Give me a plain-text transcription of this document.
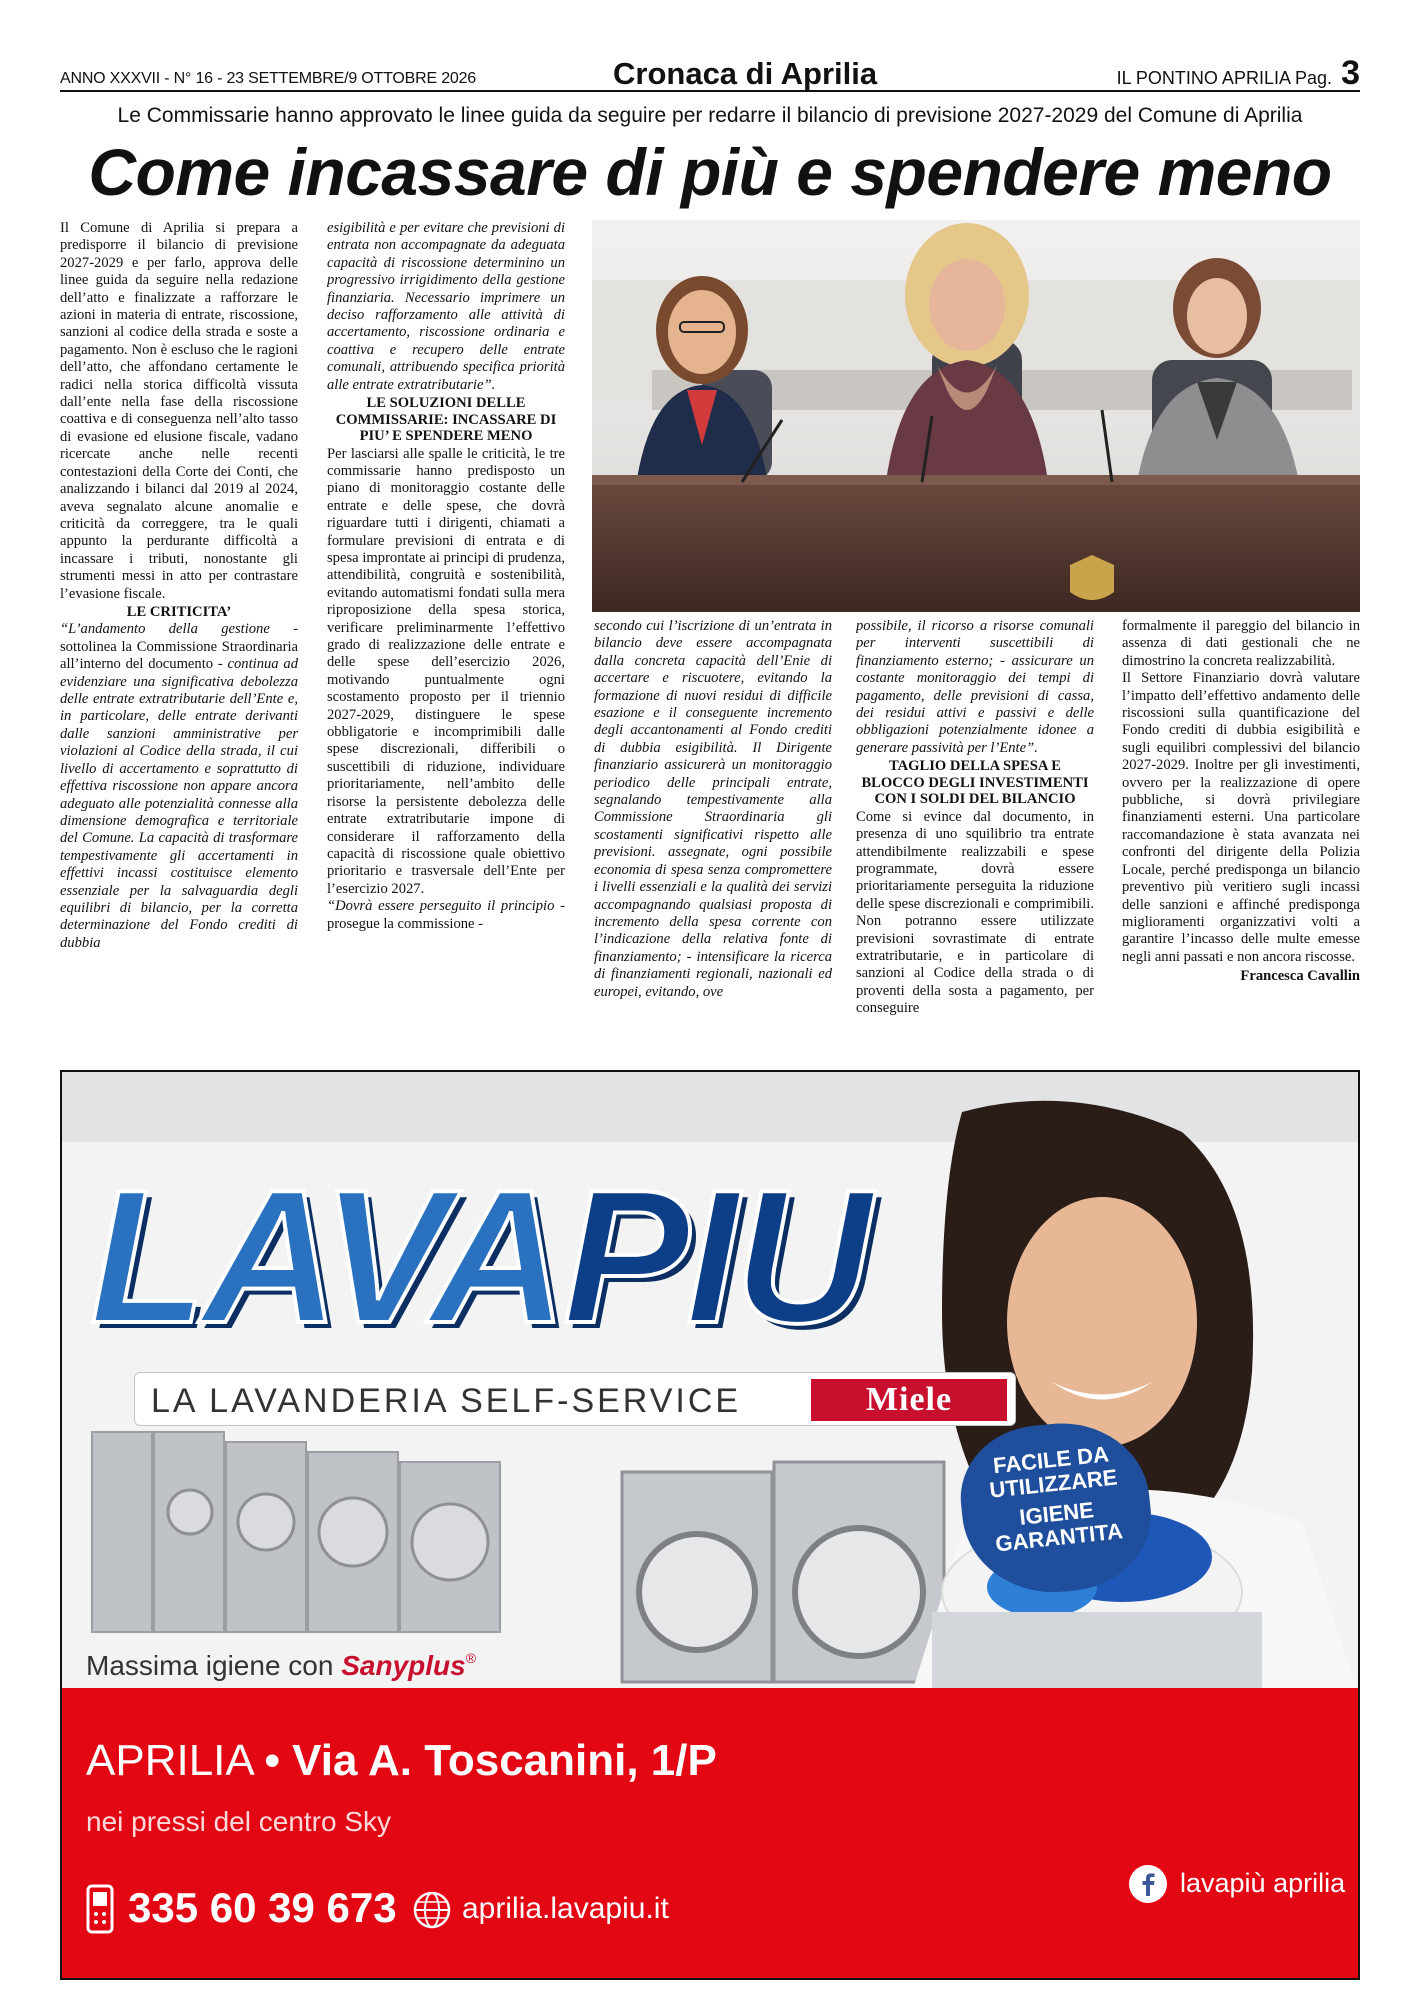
ANNO XXXVII - N° 16 - 23 SETTEMBRE/9 OTTOBRE 2026	Cronaca di Aprilia	IL PONTINO APRILIA Pag. 3
Le Commissarie hanno approvato le linee guida da seguire per redarre il bilancio di previsione 2027-2029 del Comune di Aprilia
Come incassare di più e spendere meno

Il Comune di Aprilia si prepara a predisporre il bilancio di previsione 2027-2029 e per farlo, approva delle linee guida da seguire nella redazione dell’atto e finalizzate a rafforzare le azioni in materia di entrate, riscossione, sanzioni al codice della strada e soste a pagamento. Non è escluso che le ragioni dell’atto, che affondano certamente le radici nella storica difficoltà vissuta dall’ente nella fase della riscossione coattiva e di conseguenza nell’alto tasso di evasione ed elusione fiscale, vadano ricercate anche nelle recenti contestazioni della Corte dei Conti, che analizzando i bilanci dal 2019 al 2024, aveva segnalato alcune anomalie e criticità da correggere, tra le quali appunto la perdurante difficoltà a incassare i tributi, nonostante gli strumenti messi in atto per contrastare l’evasione fiscale.

LE CRITICITA’

“L’andamento della gestione - sottolinea la Commissione Straordinaria all’interno del documento - continua ad evidenziare una significativa debolezza delle entrate extratributarie dell’Ente e, in particolare, delle entrate derivanti dalle sanzioni amministrative per violazioni al Codice della strada, il cui livello di accertamento e soprattutto di effettiva riscossione non appare ancora adeguato alle potenzialità connesse alla dimensione demografica e territoriale del Comune. La capacità di trasformare tempestivamente gli accertamenti in effettivi incassi costituisce elemento essenziale per la salvaguardia degli equilibri di bilancio, per la corretta determinazione del Fondo crediti di dubbia

esigibilità e per evitare che previsioni di entrata non accompagnate da adeguata capacità di riscossione determinino un progressivo irrigidimento della gestione finanziaria. Necessario imprimere un deciso rafforzamento alle attività di accertamento, riscossione ordinaria e coattiva e recupero delle entrate comunali, attribuendo specifica priorità alle entrate extratributarie”.

LE SOLUZIONI DELLE COMMISSARIE: INCASSARE DI PIU’ E SPENDERE MENO

Per lasciarsi alle spalle le criticità, le tre commissarie hanno predisposto un piano di monitoraggio costante delle entrate e delle spese, che dovrà riguardare tutti i dirigenti, chiamati a formulare previsioni di entrata e di spesa improntate ai principi di prudenza, attendibilità, congruità e sostenibilità, evitando automatismi fondati sulla mera riproposizione della spesa storica, verificare preliminarmente l’effettivo grado di realizzazione delle entrate e delle spese dell’esercizio 2026, motivando puntualmente ogni scostamento proposto per il triennio 2027-2029, distinguere le spese obbligatorie e incomprimibili dalle spese discrezionali, differibili o suscettibili di riduzione, individuare prioritariamente, nell’ambito delle risorse la persistente debolezza delle entrate extratributarie impone di considerare il rafforzamento della capacità di riscossione quale obiettivo prioritario e trasversale dell’Ente per l’esercizio 2027.

“Dovrà essere perseguito il principio - prosegue la commissione -

secondo cui l’iscrizione di un’entrata in bilancio deve essere accompagnata dalla concreta capacità dell’Enie di accertare e riscuotere, evitando la formazione di nuovi residui di difficile esazione e il conseguente incremento degli accantonamenti al Fondo crediti di dubbia esigibilità. Il Dirigente finanziario assicurerà un monitoraggio periodico delle principali entrate, segnalando tempestivamente alla Commissione Straordinaria gli scostamenti significativi rispetto alle previsioni. assegnate, ogni possibile economia di spesa senza compromettere i livelli essenziali e la qualità dei servizi accompagnando qualsiasi proposta di incremento della spesa corrente con l’indicazione della relativa fonte di finanziamento; - intensificare la ricerca di finanziamenti regionali, nazionali ed europei, evitando, ove

possibile, il ricorso a risorse comunali per interventi suscettibili di finanziamento esterno; - assicurare un costante monitoraggio dei tempi di pagamento, delle previsioni di cassa, dei residui attivi e passivi e delle obbligazioni potenzialmente idonee a generare passività per l’Ente”.

TAGLIO DELLA SPESA E BLOCCO DEGLI INVESTIMENTI CON I SOLDI DEL BILANCIO

Come si evince dal documento, in presenza di uno squilibrio tra entrate attendibilmente realizzabili e spese programmate, dovrà essere prioritariamente perseguita la riduzione delle spese discrezionali e comprimibili. Non potranno essere utilizzate previsioni sovrastimate di entrate extratributarie, e in particolare di sanzioni al Codice della strada o di proventi della sosta a pagamento, per conseguire

formalmente il pareggio del bilancio in assenza di dati gestionali che ne dimostrino la concreta realizzabilità.

Il Settore Finanziario dovrà valutare l’impatto dell’effettivo andamento delle riscossioni sulla quantificazione del Fondo crediti di dubbia esigibilità e sugli equilibri complessivi del bilancio 2027-2029. Inoltre per gli investimenti, ovvero per la realizzazione di opere pubbliche, si dovrà privilegiare finanziamenti esterni. Una particolare raccomandazione è stata avanzata nei confronti del dirigente della Polizia Locale, perché predisponga un bilancio preventivo più veritiero sugli incassi delle sanzioni e affinché predisponga miglioramenti organizzativi volti a garantire l’incasso delle multe emesse negli anni passati e non ancora riscosse.

Francesca Cavallin

LAVAPIU
LA LAVANDERIA SELF-SERVICE	Miele
FACILE DA UTILIZZARE
IGIENE GARANTITA
Massima igiene con Sanyplus®
APRILIA • Via A. Toscanini, 1/P
nei pressi del centro Sky
335 60 39 673 aprilia.lavapiu.it
lavapiù aprilia
